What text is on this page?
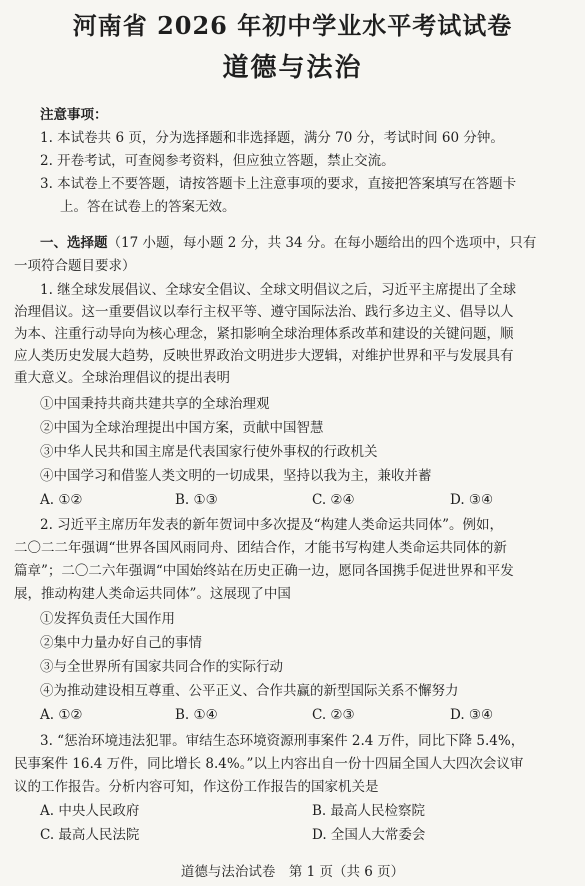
河南省 2026 年初中学业水平考试试卷
道德与法治
注意事项：
1. 本试卷共 6 页，分为选择题和非选择题，满分 70 分，考试时间 60 分钟。
2. 开卷考试，可查阅参考资料，但应独立答题，禁止交流。
3. 本试卷上不要答题，请按答题卡上注意事项的要求，直接把答案填写在答题卡
上。答在试卷上的答案无效。
一、选择题（17 小题，每小题 2 分，共 34 分。在每小题给出的四个选项中，只有
一项符合题目要求）
1. 继全球发展倡议、全球安全倡议、全球文明倡议之后，习近平主席提出了全球
治理倡议。这一重要倡议以奉行主权平等、遵守国际法治、践行多边主义、倡导以人
为本、注重行动导向为核心理念，紧扣影响全球治理体系改革和建设的关键问题，顺
应人类历史发展大趋势，反映世界政治文明进步大逻辑，对维护世界和平与发展具有
重大意义。全球治理倡议的提出表明
①中国秉持共商共建共享的全球治理观
②中国为全球治理提出中国方案，贡献中国智慧
③中华人民共和国主席是代表国家行使外事权的行政机关
④中国学习和借鉴人类文明的一切成果，坚持以我为主，兼收并蓄
A. ①②	B. ①③	C. ②④	D. ③④
2. 习近平主席历年发表的新年贺词中多次提及“构建人类命运共同体”。例如，
二〇二二年强调“世界各国风雨同舟、团结合作，才能书写构建人类命运共同体的新
篇章”；二〇二六年强调“中国始终站在历史正确一边，愿同各国携手促进世界和平发
展，推动构建人类命运共同体”。这展现了中国
①发挥负责任大国作用
②集中力量办好自己的事情
③与全世界所有国家共同合作的实际行动
④为推动建设相互尊重、公平正义、合作共赢的新型国际关系不懈努力
A. ①②	B. ①④	C. ②③	D. ③④
3. “惩治环境违法犯罪。审结生态环境资源刑事案件 2.4 万件，同比下降 5.4%，
民事案件 16.4 万件，同比增长 8.4%。”以上内容出自一份十四届全国人大四次会议审
议的工作报告。分析内容可知，作这份工作报告的国家机关是
A. 中央人民政府	B. 最高人民检察院
C. 最高人民法院	D. 全国人大常委会
道德与法治试卷　第 1 页（共 6 页）
